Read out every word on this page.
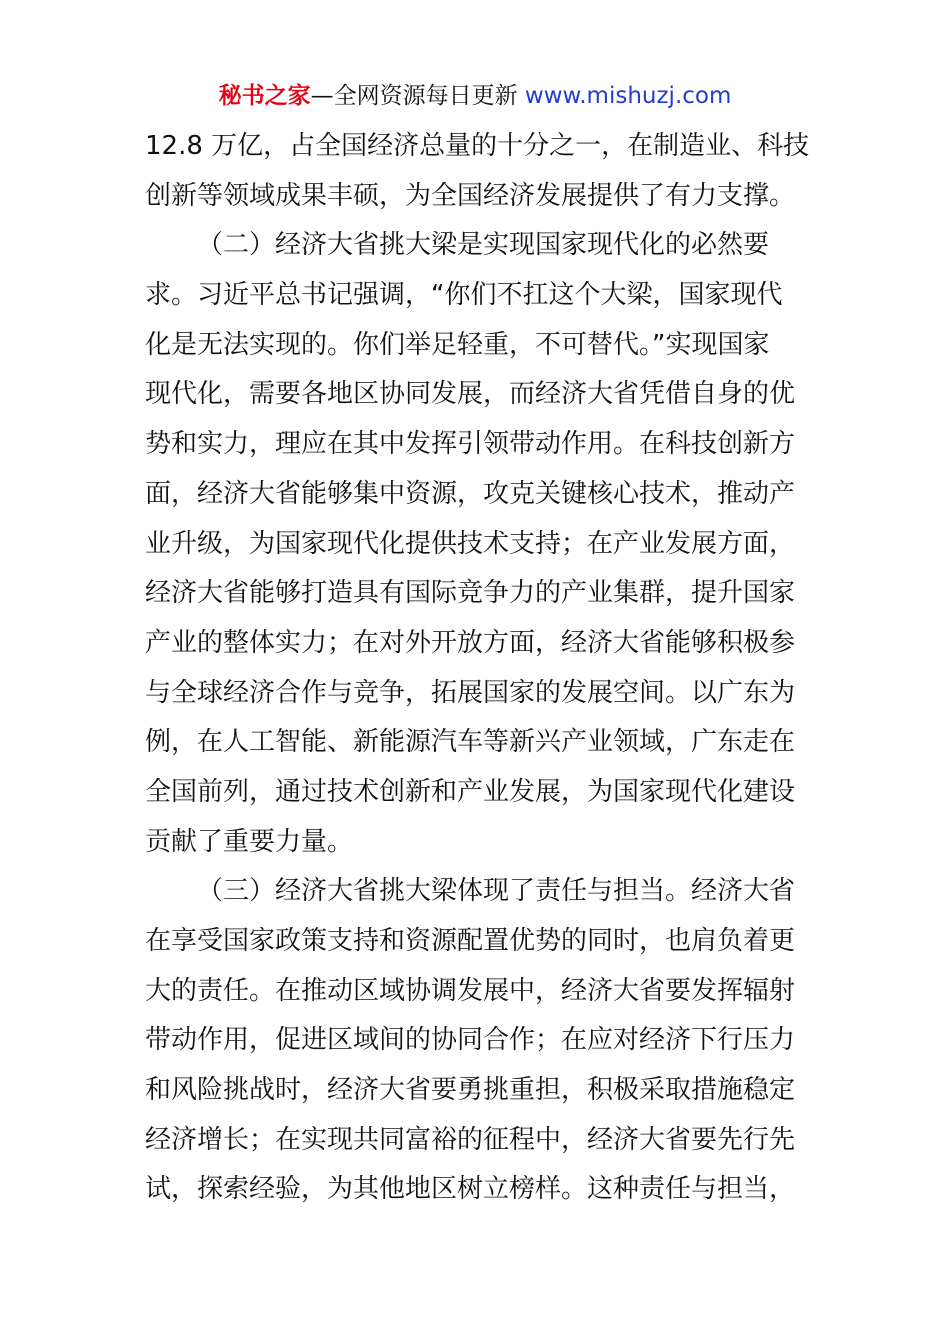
秘书之家—全网资源每日更新 www.mishuzj.com
12.8 万亿，占全国经济总量的十分之一，在制造业、科技
创新等领域成果丰硕，为全国经济发展提供了有力支撑。
（二）经济大省挑大梁是实现国家现代化的必然要
求。习近平总书记强调，“你们不扛这个大梁，国家现代
化是无法实现的。你们举足轻重，不可替代。”实现国家
现代化，需要各地区协同发展，而经济大省凭借自身的优
势和实力，理应在其中发挥引领带动作用。在科技创新方
面，经济大省能够集中资源，攻克关键核心技术，推动产
业升级，为国家现代化提供技术支持；在产业发展方面，
经济大省能够打造具有国际竞争力的产业集群，提升国家
产业的整体实力；在对外开放方面，经济大省能够积极参
与全球经济合作与竞争，拓展国家的发展空间。以广东为
例，在人工智能、新能源汽车等新兴产业领域，广东走在
全国前列，通过技术创新和产业发展，为国家现代化建设
贡献了重要力量。
（三）经济大省挑大梁体现了责任与担当。经济大省
在享受国家政策支持和资源配置优势的同时，也肩负着更
大的责任。在推动区域协调发展中，经济大省要发挥辐射
带动作用，促进区域间的协同合作；在应对经济下行压力
和风险挑战时，经济大省要勇挑重担，积极采取措施稳定
经济增长；在实现共同富裕的征程中，经济大省要先行先
试，探索经验，为其他地区树立榜样。这种责任与担当，
